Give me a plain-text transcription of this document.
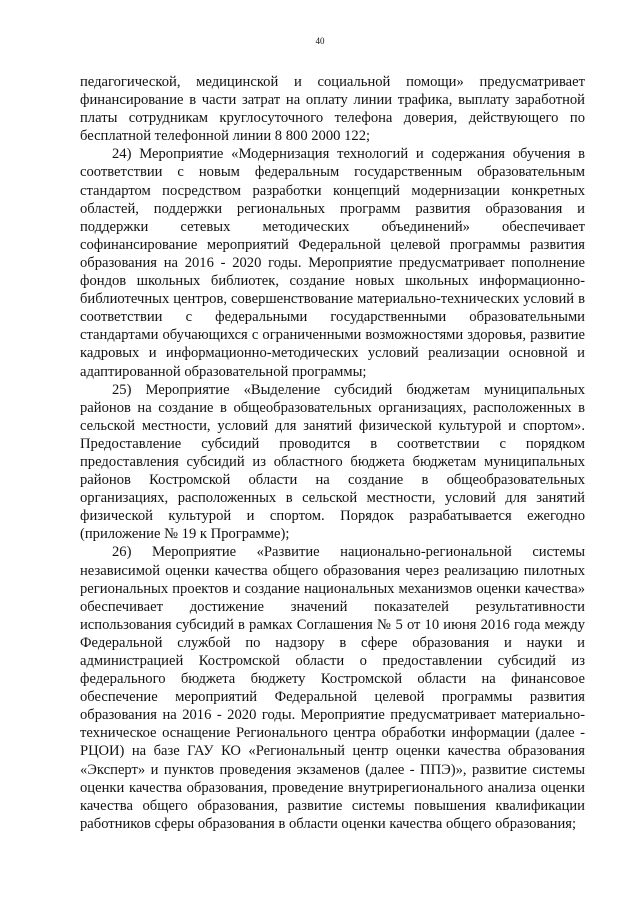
40

педагогической, медицинской и социальной помощи» предусматривает финансирование в части затрат на оплату линии трафика, выплату заработной платы сотрудникам круглосуточного телефона доверия, действующего по бесплатной телефонной линии 8 800 2000 122;

24) Мероприятие «Модернизация технологий и содержания обучения в соответствии с новым федеральным государственным образовательным стандартом посредством разработки концепций модернизации конкретных областей, поддержки региональных программ развития образования и поддержки сетевых методических объединений» обеспечивает софинансирование мероприятий Федеральной целевой программы развития образования на 2016 - 2020 годы. Мероприятие предусматривает пополнение фондов школьных библиотек, создание новых школьных информационно-библиотечных центров, совершенствование материально-технических условий в соответствии с федеральными государственными образовательными стандартами обучающихся с ограниченными возможностями здоровья, развитие кадровых и информационно-методических условий реализации основной и адаптированной образовательной программы;

25) Мероприятие «Выделение субсидий бюджетам муниципальных районов на создание в общеобразовательных организациях, расположенных в сельской местности, условий для занятий физической культурой и спортом». Предоставление субсидий проводится в соответствии с порядком предоставления субсидий из областного бюджета бюджетам муниципальных районов Костромской области на создание в общеобразовательных организациях, расположенных в сельской местности, условий для занятий физической культурой и спортом. Порядок разрабатывается ежегодно (приложение № 19 к Программе);

26) Мероприятие «Развитие национально-региональной системы независимой оценки качества общего образования через реализацию пилотных региональных проектов и создание национальных механизмов оценки качества» обеспечивает достижение значений показателей результативности использования субсидий в рамках Соглашения № 5 от 10 июня 2016 года между Федеральной службой по надзору в сфере образования и науки и администрацией Костромской области о предоставлении субсидий из федерального бюджета бюджету Костромской области на финансовое обеспечение мероприятий Федеральной целевой программы развития образования на 2016 - 2020 годы. Мероприятие предусматривает материально-техническое оснащение Регионального центра обработки информации (далее - РЦОИ) на базе ГАУ КО «Региональный центр оценки качества образования «Эксперт» и пунктов проведения экзаменов (далее - ППЭ)», развитие системы оценки качества образования, проведение внутрирегионального анализа оценки качества общего образования, развитие системы повышения квалификации работников сферы образования в области оценки качества общего образования;
